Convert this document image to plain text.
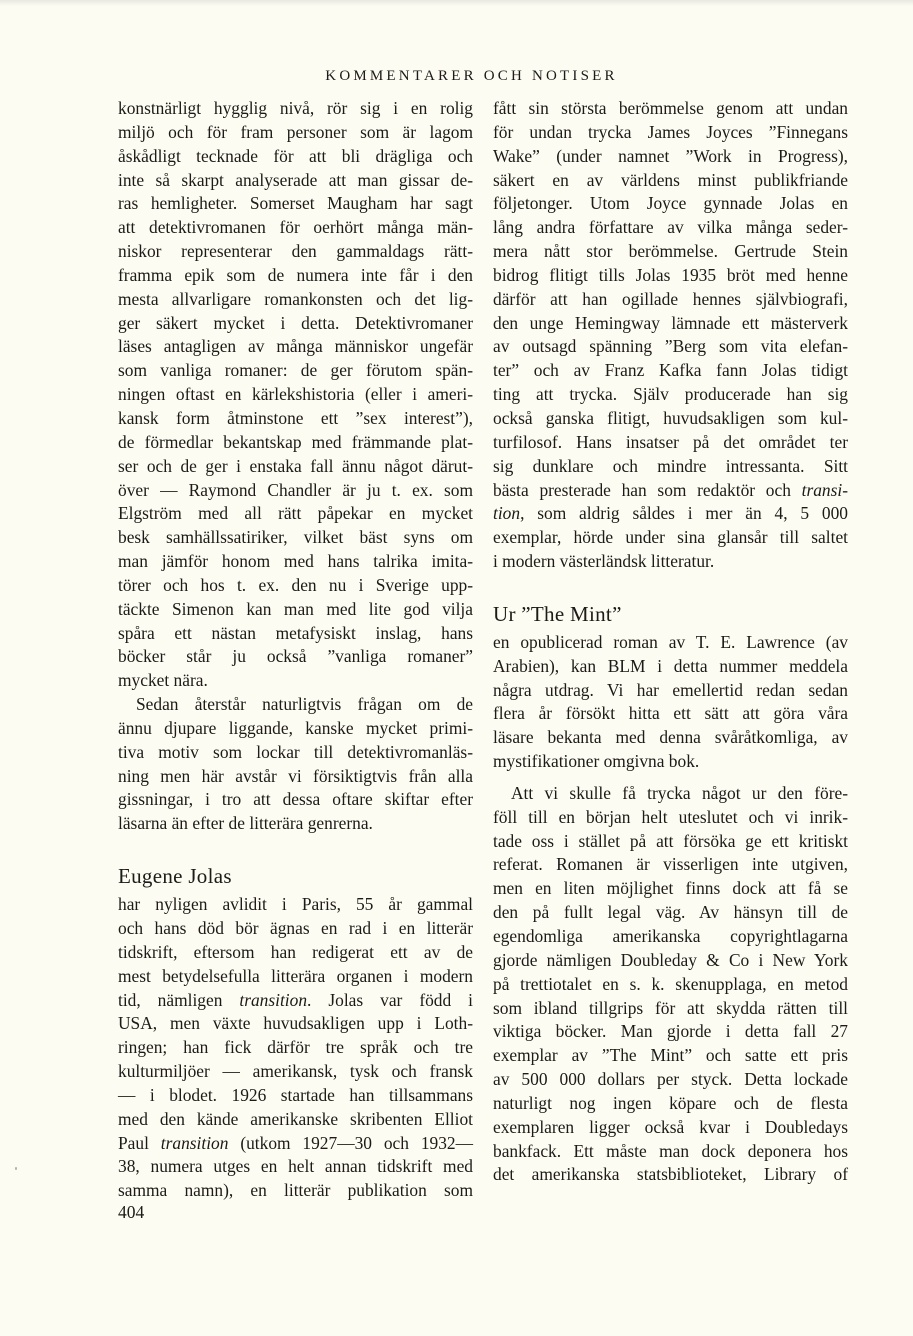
KOMMENTARER OCH NOTISER
konstnärligt hygglig nivå, rör sig i en rolig
miljö och för fram personer som är lagom
åskådligt tecknade för att bli drägliga och
inte så skarpt analyserade att man gissar de-
ras hemligheter. Somerset Maugham har sagt
att detektivromanen för oerhört många män-
niskor representerar den gammaldags rätt-
framma epik som de numera inte får i den
mesta allvarligare romankonsten och det lig-
ger säkert mycket i detta. Detektivromaner
läses antagligen av många människor ungefär
som vanliga romaner: de ger förutom spän-
ningen oftast en kärlekshistoria (eller i ameri-
kansk form åtminstone ett ”sex interest”),
de förmedlar bekantskap med främmande plat-
ser och de ger i enstaka fall ännu något därut-
över — Raymond Chandler är ju t. ex. som
Elgström med all rätt påpekar en mycket
besk samhällssatiriker, vilket bäst syns om
man jämför honom med hans talrika imita-
törer och hos t. ex. den nu i Sverige upp-
täckte Simenon kan man med lite god vilja
spåra ett nästan metafysiskt inslag, hans
böcker står ju också ”vanliga romaner”
mycket nära.
Sedan återstår naturligtvis frågan om de
ännu djupare liggande, kanske mycket primi-
tiva motiv som lockar till detektivromanläs-
ning men här avstår vi försiktigtvis från alla
gissningar, i tro att dessa oftare skiftar efter
läsarna än efter de litterära genrerna.
Eugene Jolas
har nyligen avlidit i Paris, 55 år gammal
och hans död bör ägnas en rad i en litterär
tidskrift, eftersom han redigerat ett av de
mest betydelsefulla litterära organen i modern
tid, nämligen transition. Jolas var född i
USA, men växte huvudsakligen upp i Loth-
ringen; han fick därför tre språk och tre
kulturmiljöer — amerikansk, tysk och fransk
— i blodet. 1926 startade han tillsammans
med den kände amerikanske skribenten Elliot
Paul transition (utkom 1927—30 och 1932—
38, numera utges en helt annan tidskrift med
samma namn), en litterär publikation som
fått sin största berömmelse genom att undan
för undan trycka James Joyces ”Finnegans
Wake” (under namnet ”Work in Progress),
säkert en av världens minst publikfriande
följetonger. Utom Joyce gynnade Jolas en
lång andra författare av vilka många seder-
mera nått stor berömmelse. Gertrude Stein
bidrog flitigt tills Jolas 1935 bröt med henne
därför att han ogillade hennes självbiografi,
den unge Hemingway lämnade ett mästerverk
av outsagd spänning ”Berg som vita elefan-
ter” och av Franz Kafka fann Jolas tidigt
ting att trycka. Själv producerade han sig
också ganska flitigt, huvudsakligen som kul-
turfilosof. Hans insatser på det området ter
sig dunklare och mindre intressanta. Sitt
bästa presterade han som redaktör och transi-
tion, som aldrig såldes i mer än 4, 5 000
exemplar, hörde under sina glansår till saltet
i modern västerländsk litteratur.
Ur ”The Mint”
en opublicerad roman av T. E. Lawrence (av
Arabien), kan BLM i detta nummer meddela
några utdrag. Vi har emellertid redan sedan
flera år försökt hitta ett sätt att göra våra
läsare bekanta med denna svåråtkomliga, av
mystifikationer omgivna bok.
Att vi skulle få trycka något ur den före-
föll till en början helt uteslutet och vi inrik-
tade oss i stället på att försöka ge ett kritiskt
referat. Romanen är visserligen inte utgiven,
men en liten möjlighet finns dock att få se
den på fullt legal väg. Av hänsyn till de
egendomliga amerikanska copyrightlagarna
gjorde nämligen Doubleday & Co i New York
på trettiotalet en s. k. skenupplaga, en metod
som ibland tillgrips för att skydda rätten till
viktiga böcker. Man gjorde i detta fall 27
exemplar av ”The Mint” och satte ett pris
av 500 000 dollars per styck. Detta lockade
naturligt nog ingen köpare och de flesta
exemplaren ligger också kvar i Doubledays
bankfack. Ett måste man dock deponera hos
det amerikanska statsbiblioteket, Library of
404
